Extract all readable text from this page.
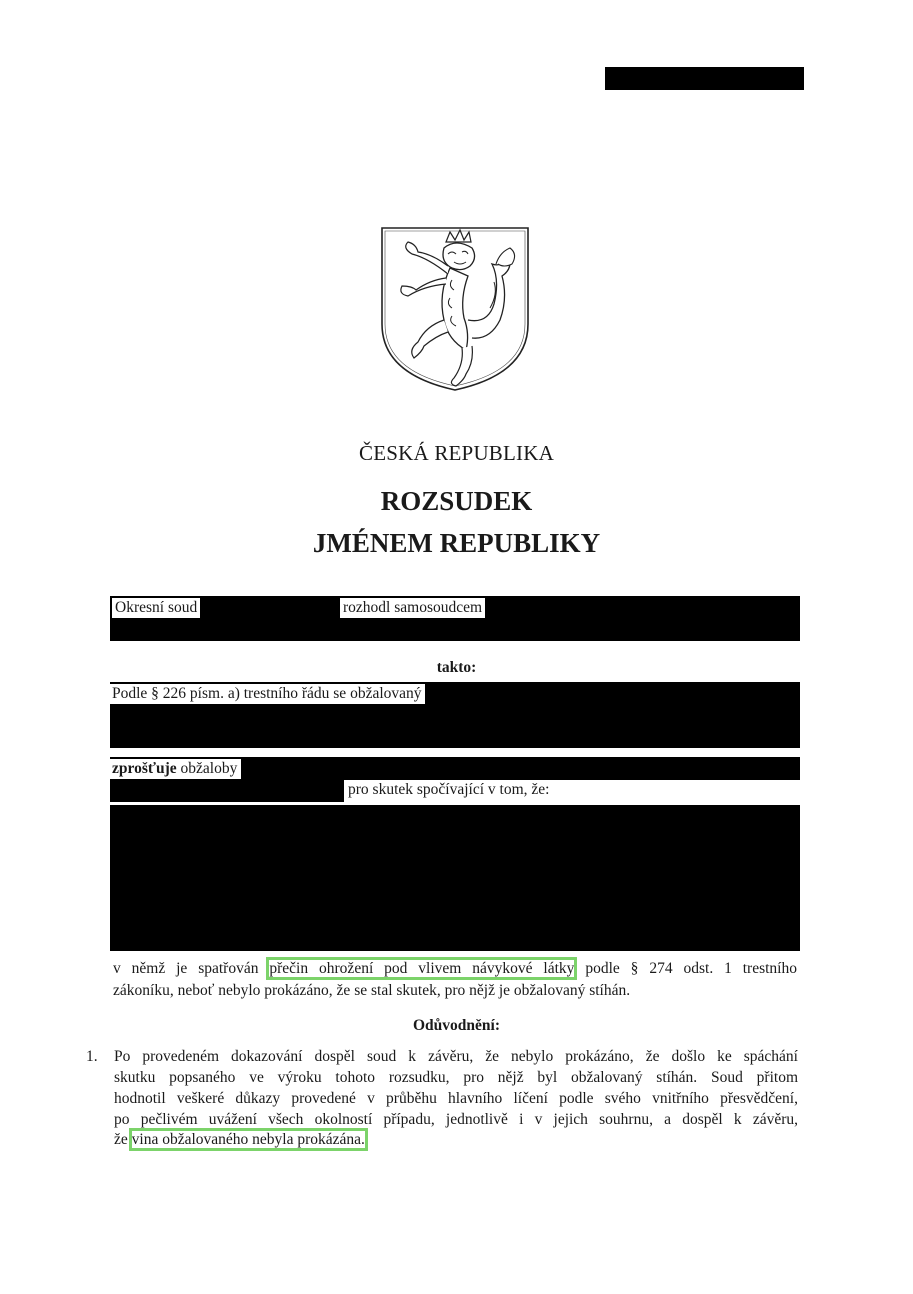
ČESKÁ REPUBLIKA
ROZSUDEK
JMÉNEM REPUBLIKY
Okresní soud	rozhodl samosoudcem
takto:
Podle § 226 písm. a) trestního řádu se obžalovaný
zprošťuje obžaloby
pro skutek spočívající v tom, že:
v němž je spatřován přečin ohrožení pod vlivem návykové látky podle § 274 odst. 1 trestního
zákoníku, neboť nebylo prokázáno, že se stal skutek, pro nějž je obžalovaný stíhán.
Odůvodnění:
1. Po provedeném dokazování dospěl soud k závěru, že nebylo prokázáno, že došlo ke spáchání
skutku popsaného ve výroku tohoto rozsudku, pro nějž byl obžalovaný stíhán. Soud přitom
hodnotil veškeré důkazy provedené v průběhu hlavního líčení podle svého vnitřního přesvědčení,
po pečlivém uvážení všech okolností případu, jednotlivě i v jejich souhrnu, a dospěl k závěru,
že vina obžalovaného nebyla prokázána.
